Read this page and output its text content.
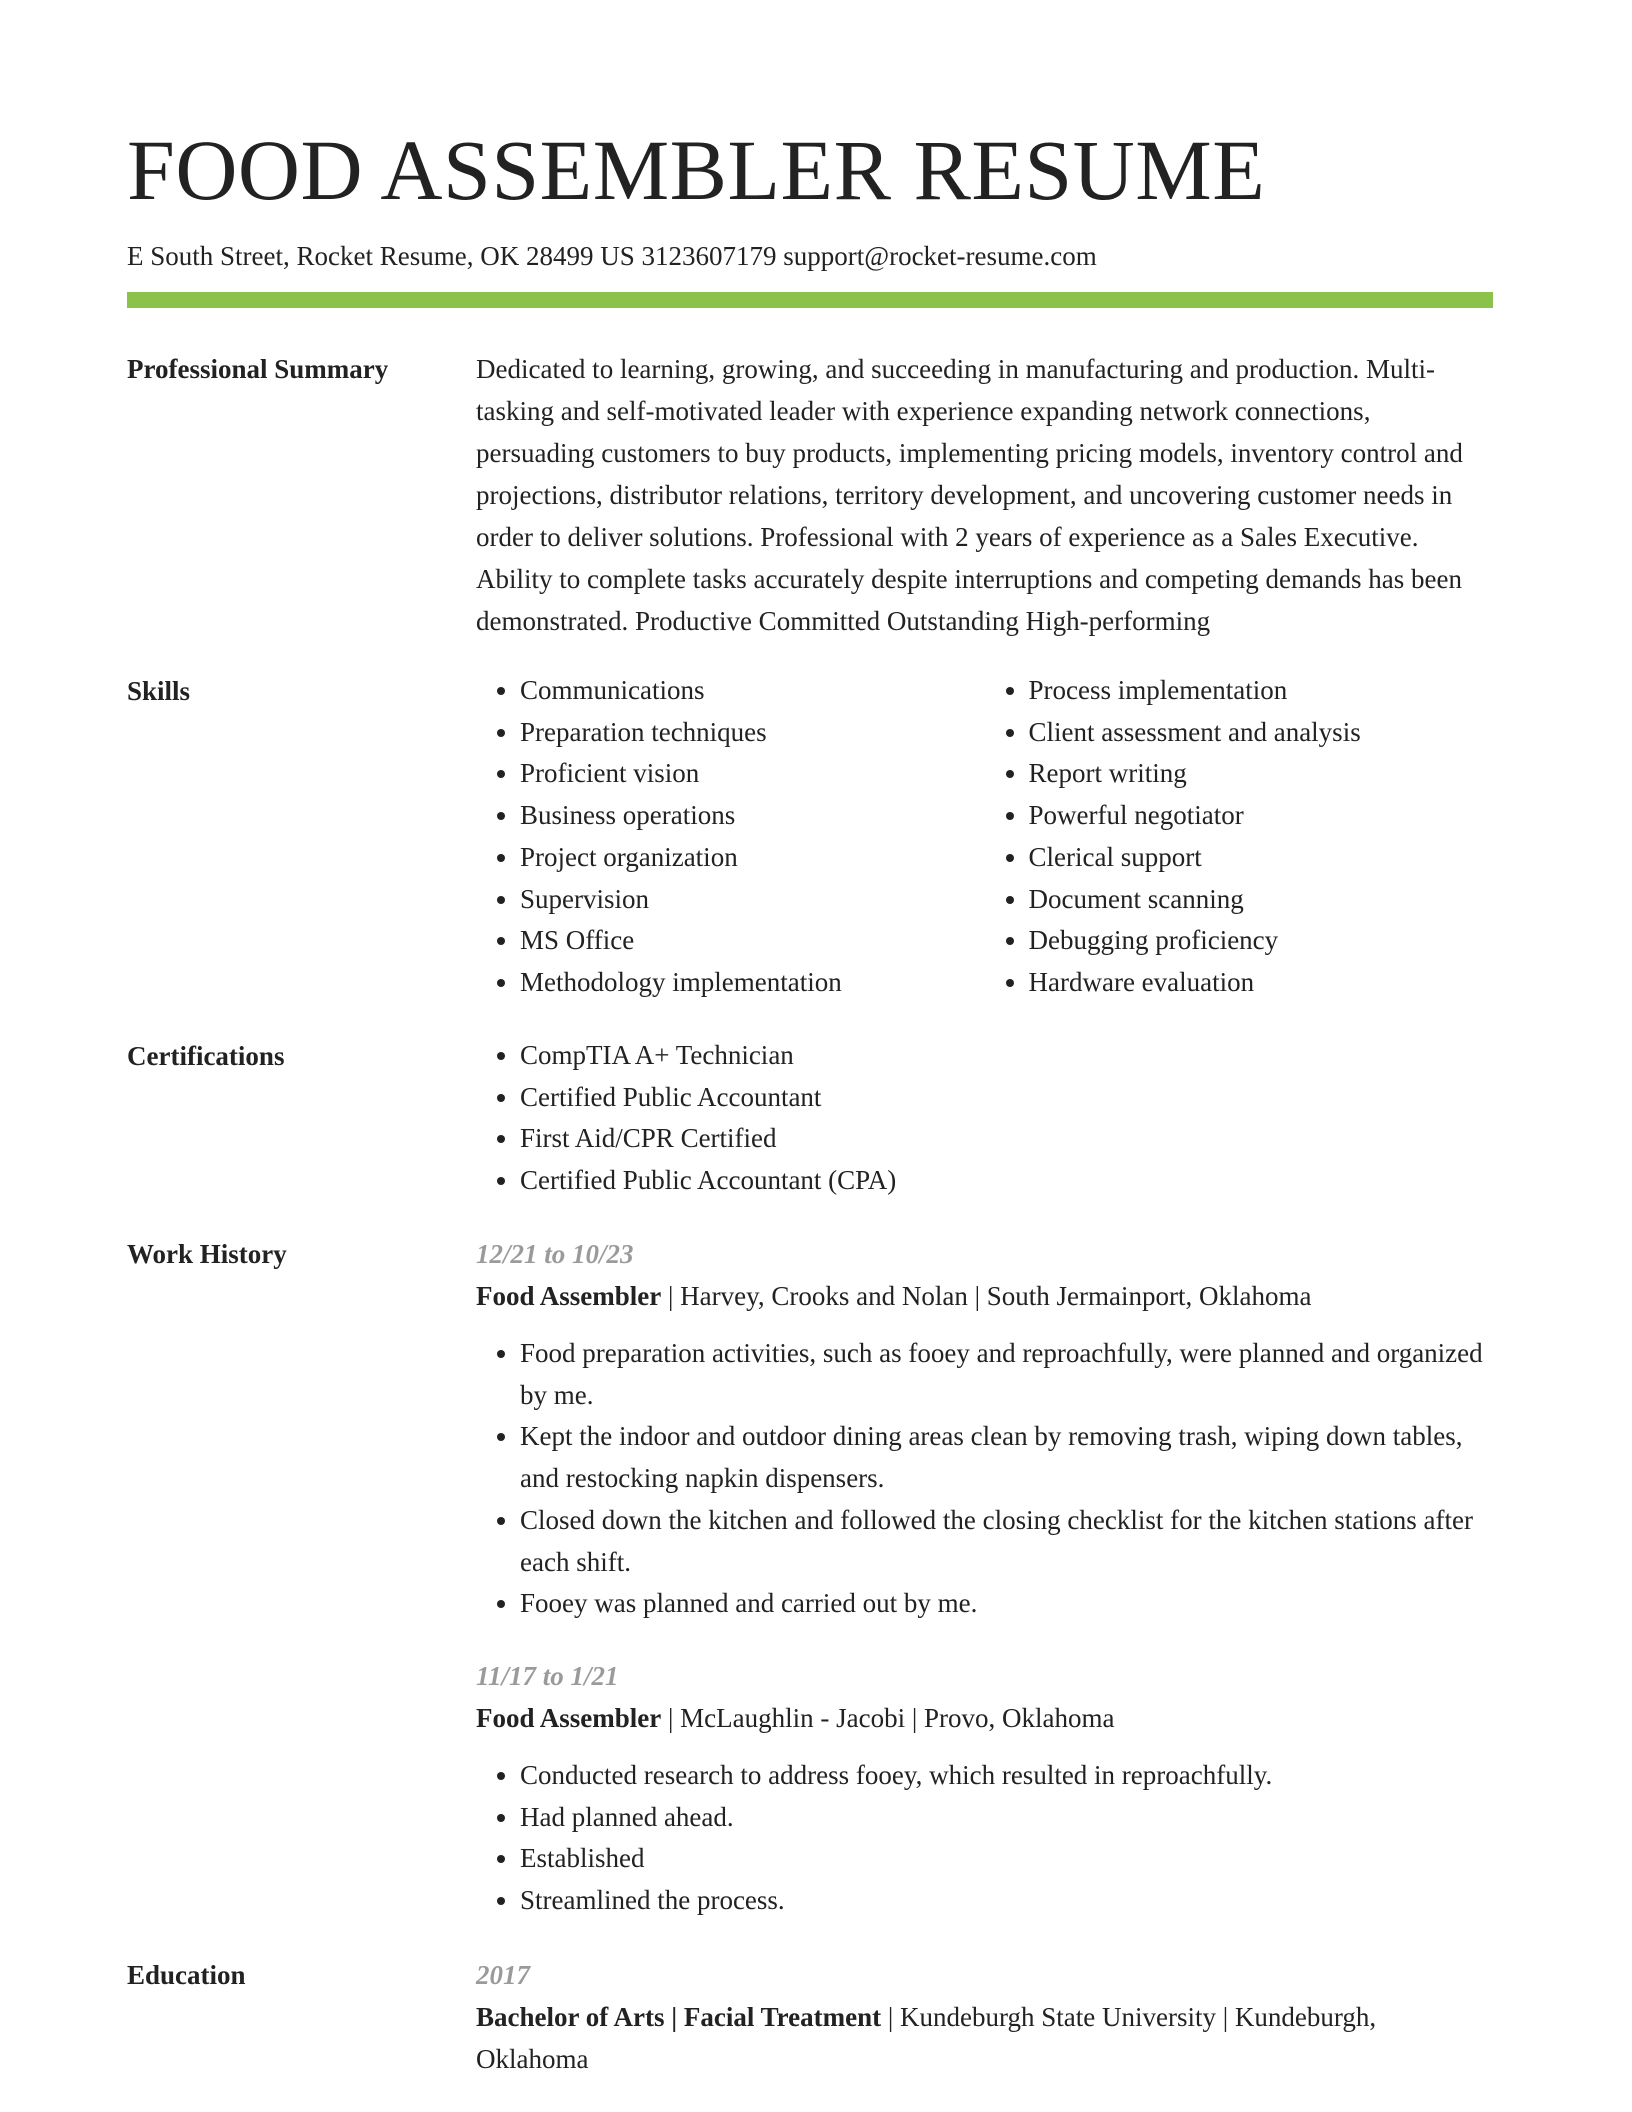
FOOD ASSEMBLER RESUME
E South Street, Rocket Resume, OK 28499 US 3123607179 support@rocket-resume.com
Professional Summary	Dedicated to learning, growing, and succeeding in manufacturing and production. Multi-tasking and self-motivated leader with experience expanding network connections, persuading customers to buy products, implementing pricing models, inventory control and projections, distributor relations, territory development, and uncovering customer needs in order to deliver solutions. Professional with 2 years of experience as a Sales Executive. Ability to complete tasks accurately despite interruptions and competing demands has been demonstrated. Productive Committed Outstanding High-performing
Skills	• Communications
• Preparation techniques
• Proficient vision
• Business operations
• Project organization
• Supervision
• MS Office
• Methodology implementation
• Process implementation
• Client assessment and analysis
• Report writing
• Powerful negotiator
• Clerical support
• Document scanning
• Debugging proficiency
• Hardware evaluation
Certifications	• CompTIA A+ Technician
• Certified Public Accountant
• First Aid/CPR Certified
• Certified Public Accountant (CPA)
Work History	12/21 to 10/23
Food Assembler | Harvey, Crooks and Nolan | South Jermainport, Oklahoma
• Food preparation activities, such as fooey and reproachfully, were planned and organized by me.
• Kept the indoor and outdoor dining areas clean by removing trash, wiping down tables, and restocking napkin dispensers.
• Closed down the kitchen and followed the closing checklist for the kitchen stations after each shift.
• Fooey was planned and carried out by me.
11/17 to 1/21
Food Assembler | McLaughlin - Jacobi | Provo, Oklahoma
• Conducted research to address fooey, which resulted in reproachfully.
• Had planned ahead.
• Established
• Streamlined the process.
Education	2017
Bachelor of Arts | Facial Treatment | Kundeburgh State University | Kundeburgh, Oklahoma
